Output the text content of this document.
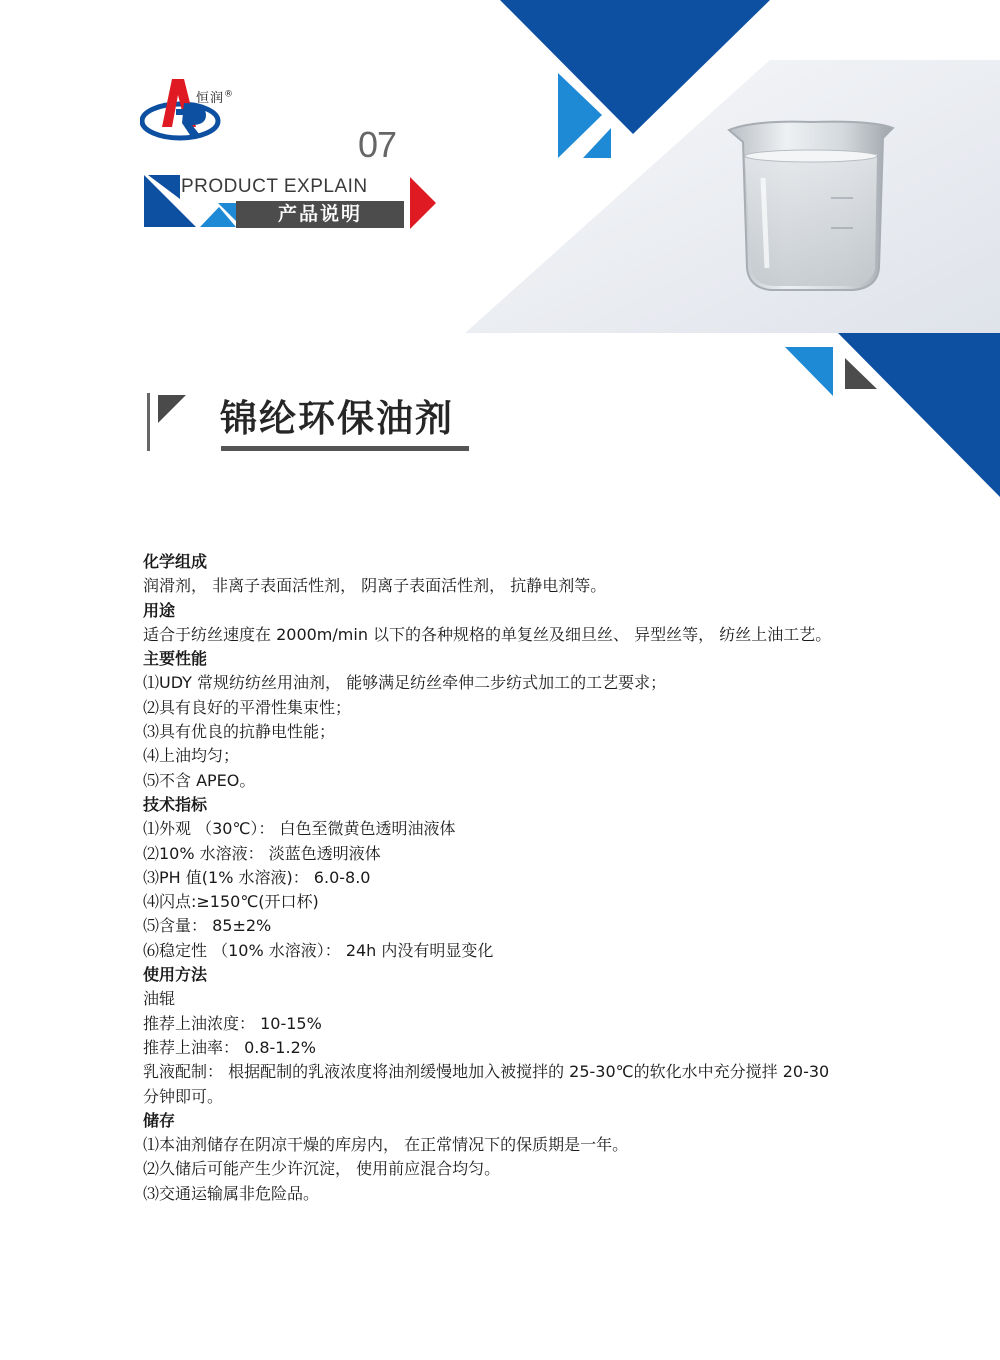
恒润®
07
PRODUCT EXPLAIN
产品说明
锦纶环保油剂
化学组成
润滑剂， 非离子表面活性剂， 阴离子表面活性剂， 抗静电剂等。
用途
适合于纺丝速度在 2000m/min 以下的各种规格的单复丝及细旦丝、 异型丝等， 纺丝上油工艺。
主要性能
⑴UDY 常规纺纺丝用油剂， 能够满足纺丝牵伸二步纺式加工的工艺要求；
⑵具有良好的平滑性集束性；
⑶具有优良的抗静电性能；
⑷上油均匀；
⑸不含 APEO。
技术指标
⑴外观 （30℃）： 白色至微黄色透明油液体
⑵10% 水溶液： 淡蓝色透明液体
⑶PH 值(1% 水溶液)： 6.0-8.0
⑷闪点:≥150℃(开口杯)
⑸含量： 85±2%
⑹稳定性 （10% 水溶液）： 24h 内没有明显变化
使用方法
油辊
推荐上油浓度： 10-15%
推荐上油率： 0.8-1.2%
乳液配制： 根据配制的乳液浓度将油剂缓慢地加入被搅拌的 25-30℃的软化水中充分搅拌 20-30 分钟即可。
储存
⑴本油剂储存在阴凉干燥的库房内， 在正常情况下的保质期是一年。
⑵久储后可能产生少许沉淀， 使用前应混合均匀。
⑶交通运输属非危险品。
